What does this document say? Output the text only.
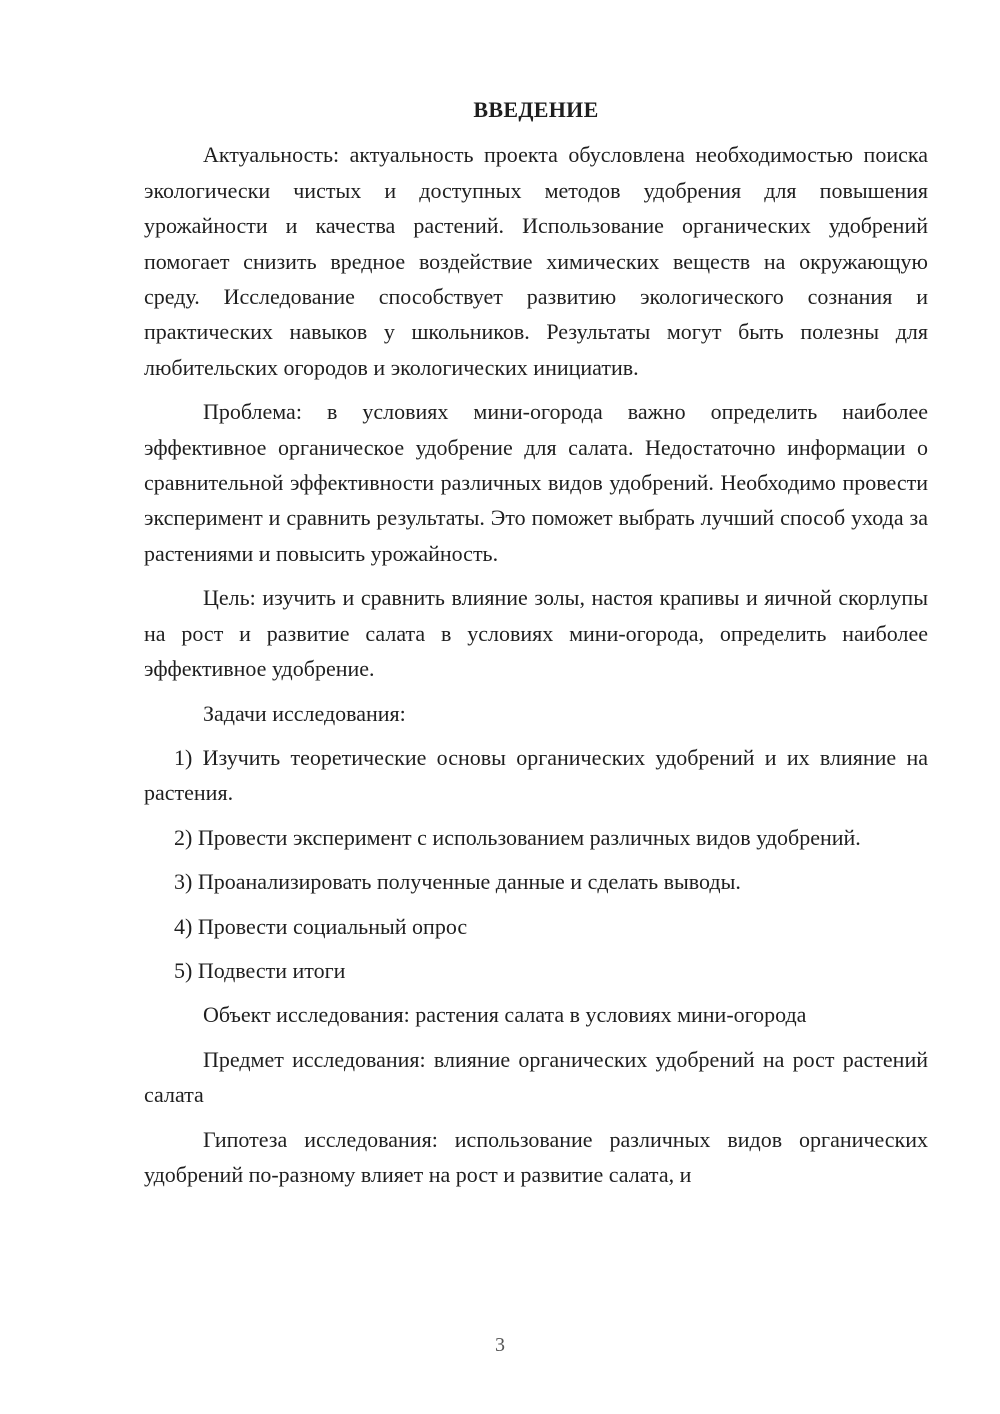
ВВЕДЕНИЕ

Актуальность: актуальность проекта обусловлена необходимостью поиска экологически чистых и доступных методов удобрения для повышения урожайности и качества растений. Использование органических удобрений помогает снизить вредное воздействие химических веществ на окружающую среду. Исследование способствует развитию экологического сознания и практических навыков у школьников. Результаты могут быть полезны для любительских огородов и экологических инициатив.

Проблема: в условиях мини-огорода важно определить наиболее эффективное органическое удобрение для салата. Недостаточно информации о сравнительной эффективности различных видов удобрений. Необходимо провести эксперимент и сравнить результаты. Это поможет выбрать лучший способ ухода за растениями и повысить урожайность.

Цель: изучить и сравнить влияние золы, настоя крапивы и яичной скорлупы на рост и развитие салата в условиях мини-огорода, определить наиболее эффективное удобрение.

Задачи исследования:

1) Изучить теоретические основы органических удобрений и их влияние на растения.

2) Провести эксперимент с использованием различных видов удобрений.

3) Проанализировать полученные данные и сделать выводы.

4) Провести социальный опрос

5) Подвести итоги

Объект исследования: растения салата в условиях мини-огорода

Предмет исследования: влияние органических удобрений на рост растений салата

Гипотеза исследования: использование различных видов органических удобрений по-разному влияет на рост и развитие салата, и

3
